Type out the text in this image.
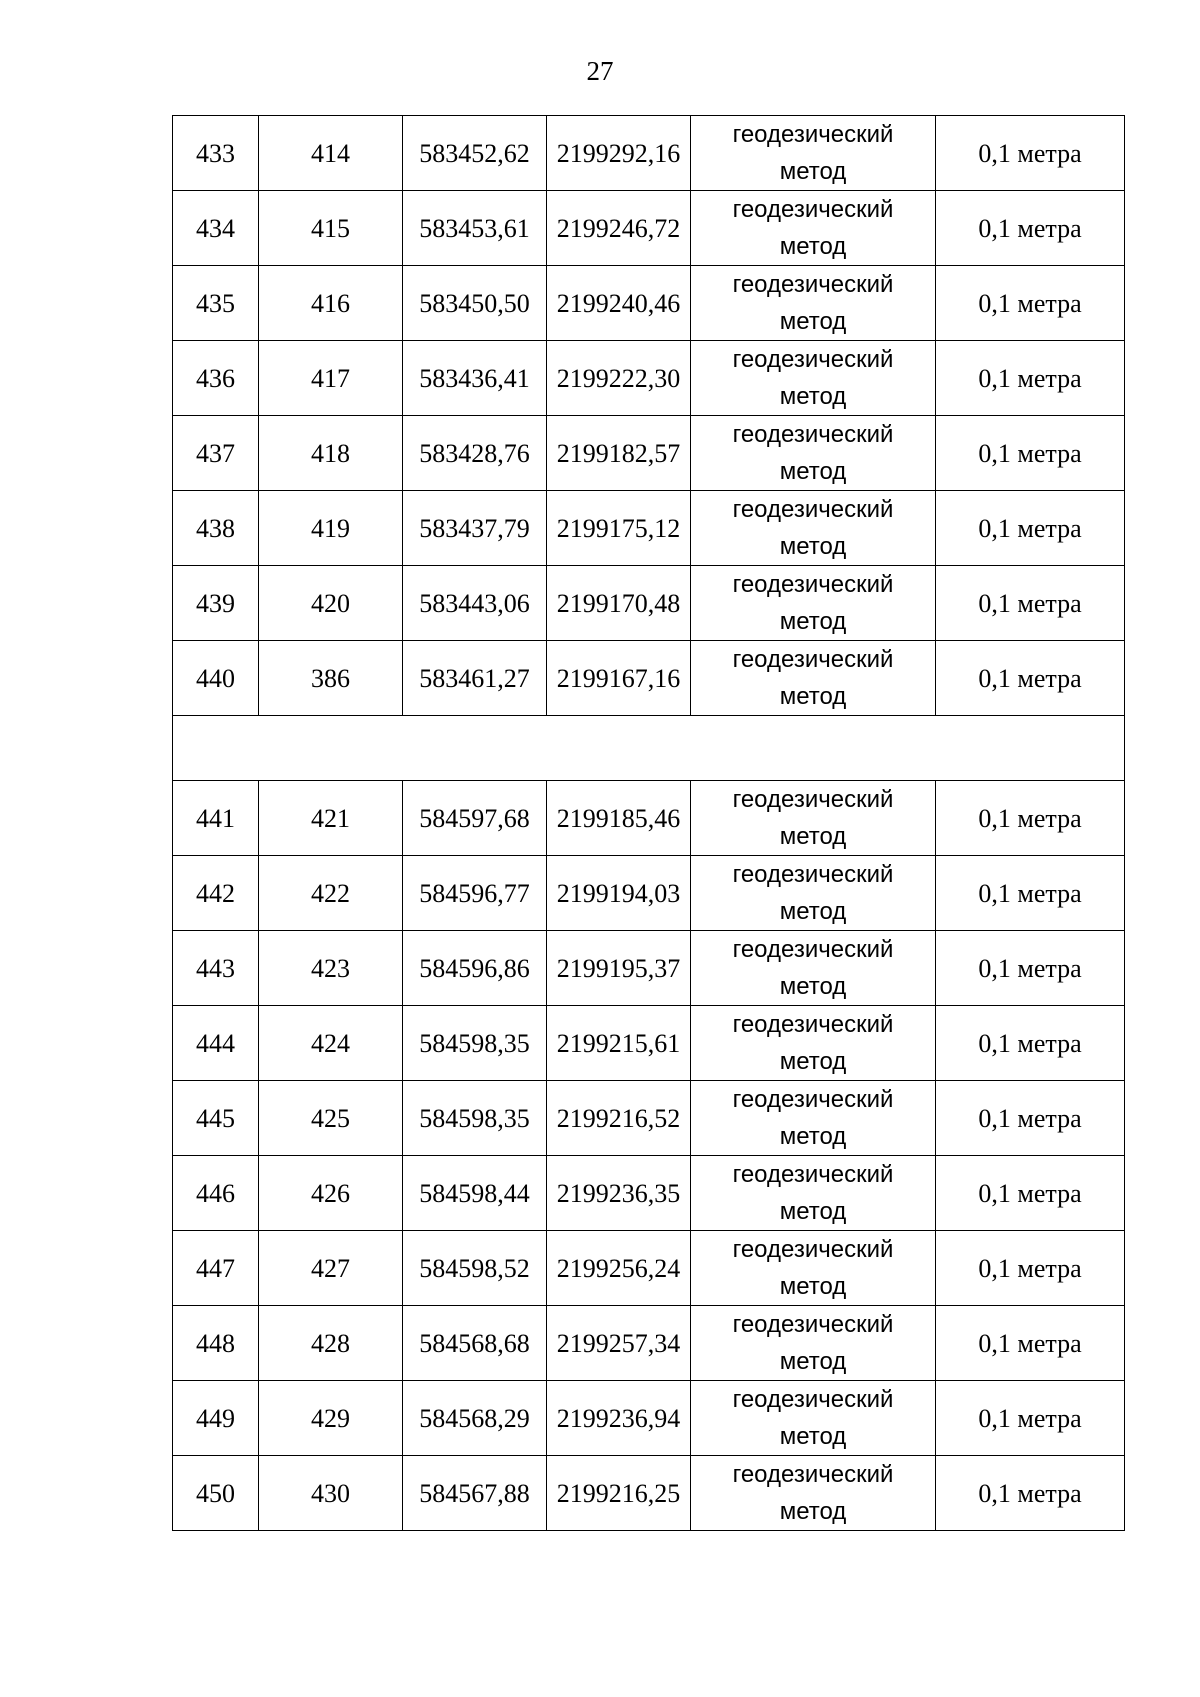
27
433	414	583452,62	2199292,16	геодезический
метод	0,1 метра
434	415	583453,61	2199246,72	геодезический
метод	0,1 метра
435	416	583450,50	2199240,46	геодезический
метод	0,1 метра
436	417	583436,41	2199222,30	геодезический
метод	0,1 метра
437	418	583428,76	2199182,57	геодезический
метод	0,1 метра
438	419	583437,79	2199175,12	геодезический
метод	0,1 метра
439	420	583443,06	2199170,48	геодезический
метод	0,1 метра
440	386	583461,27	2199167,16	геодезический
метод	0,1 метра

441	421	584597,68	2199185,46	геодезический
метод	0,1 метра
442	422	584596,77	2199194,03	геодезический
метод	0,1 метра
443	423	584596,86	2199195,37	геодезический
метод	0,1 метра
444	424	584598,35	2199215,61	геодезический
метод	0,1 метра
445	425	584598,35	2199216,52	геодезический
метод	0,1 метра
446	426	584598,44	2199236,35	геодезический
метод	0,1 метра
447	427	584598,52	2199256,24	геодезический
метод	0,1 метра
448	428	584568,68	2199257,34	геодезический
метод	0,1 метра
449	429	584568,29	2199236,94	геодезический
метод	0,1 метра
450	430	584567,88	2199216,25	геодезический
метод	0,1 метра
